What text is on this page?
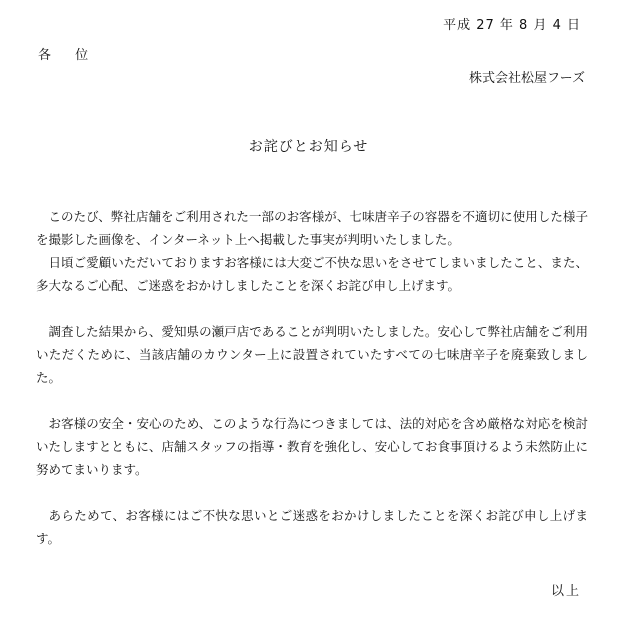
平成 27 年 8 月 4 日
各 位
株式会社松屋フーズ
お詫びとお知らせ

このたび、弊社店舗をご利用された一部のお客様が、七味唐辛子の容器を不適切に使用した様子を撮影した画像を、インターネット上へ掲載した事実が判明いたしました。

日頃ご愛顧いただいておりますお客様には大変ご不快な思いをさせてしまいましたこと、また、多大なるご心配、ご迷惑をおかけしましたことを深くお詫び申し上げます。

調査した結果から、愛知県の瀬戸店であることが判明いたしました。安心して弊社店舗をご利用いただくために、当該店舗のカウンター上に設置されていたすべての七味唐辛子を廃棄致しました。

お客様の安全・安心のため、このような行為につきましては、法的対応を含め厳格な対応を検討いたしますとともに、店舗スタッフの指導・教育を強化し、安心してお食事頂けるよう未然防止に努めてまいります。

あらためて、お客様にはご不快な思いとご迷惑をおかけしましたことを深くお詫び申し上げます。

以上
